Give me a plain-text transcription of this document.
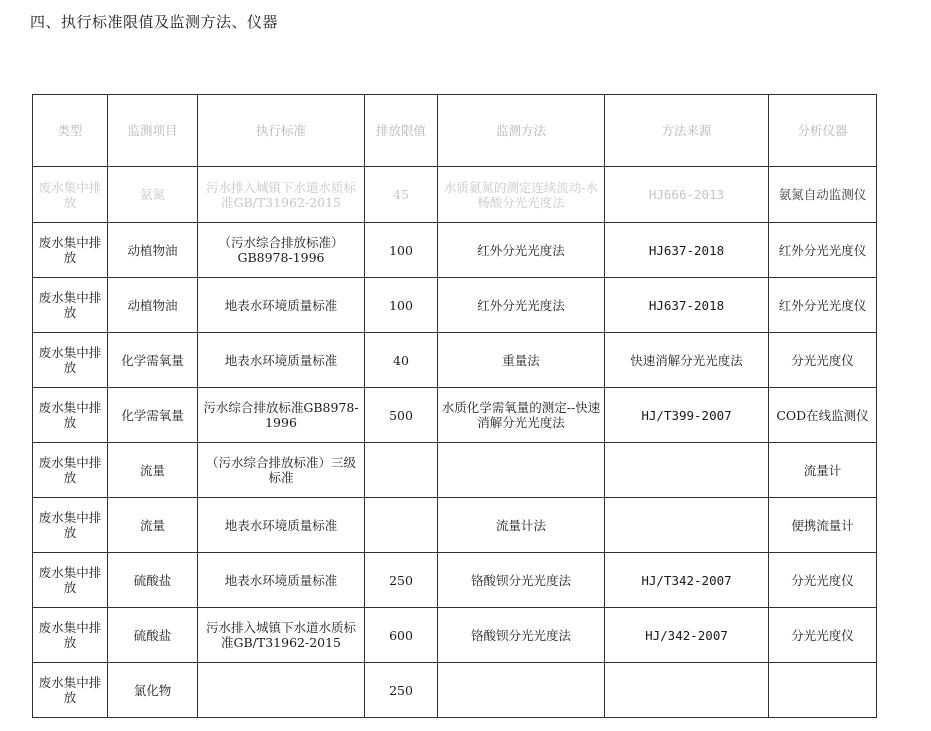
四、执行标准限值及监测方法、仪器
类型	监测项目	执行标准	排放限值	监测方法	方法来源	分析仪器
废水集中排放	氨氮	污水排入城镇下水道水质标准GB/T31962-2015	45	水质氨氮的测定连续流动-水杨酸分光光度法	HJ666-2013	氨氮自动监测仪
废水集中排放	动植物油	（污水综合排放标准）GB8978-1996	100	红外分光光度法	HJ637-2018	红外分光光度仪
废水集中排放	动植物油	地表水环境质量标准	100	红外分光光度法	HJ637-2018	红外分光光度仪
废水集中排放	化学需氧量	地表水环境质量标准	40	重量法	快速消解分光光度法	分光光度仪
废水集中排放	化学需氧量	污水综合排放标准GB8978-1996	500	水质化学需氧量的测定--快速消解分光光度法	HJ/T399-2007	COD在线监测仪
废水集中排放	流量	（污水综合排放标准）三级标准				流量计
废水集中排放	流量	地表水环境质量标准		流量计法		便携流量计
废水集中排放	硫酸盐	地表水环境质量标准	250	铬酸钡分光光度法	HJ/T342-2007	分光光度仪
废水集中排放	硫酸盐	污水排入城镇下水道水质标准GB/T31962-2015	600	铬酸钡分光光度法	HJ/342-2007	分光光度仪
废水集中排放	氯化物		250			
